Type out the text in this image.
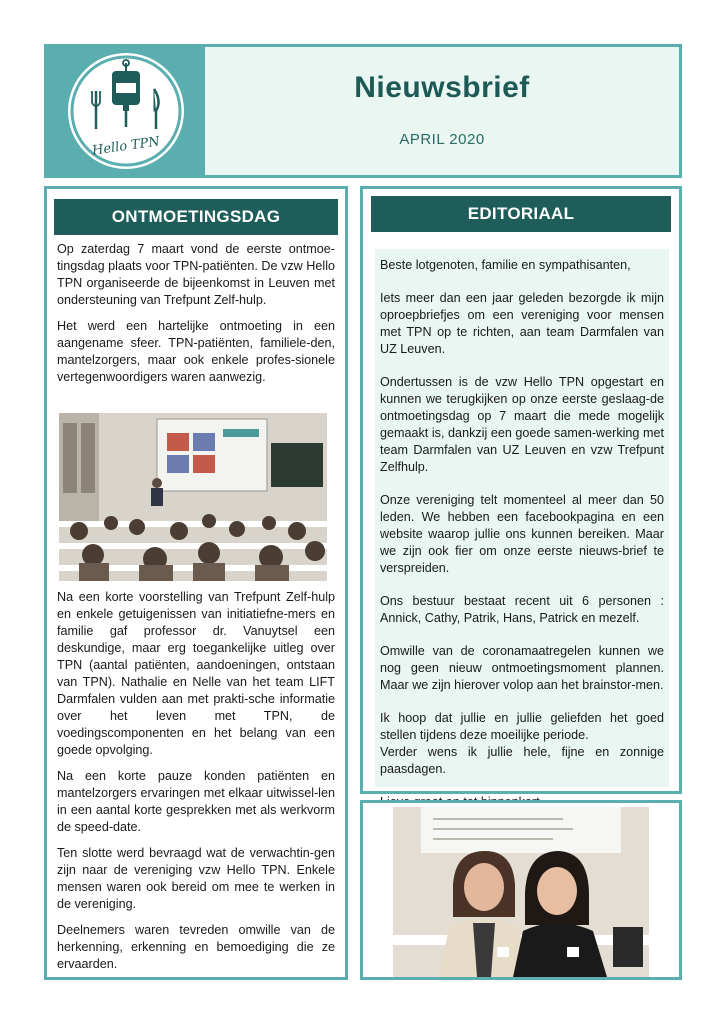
Hello TPN
Nieuwsbrief
APRIL 2020
ONTMOETINGSDAG

Op zaterdag 7 maart vond de eerste ontmoe-tingsdag plaats voor TPN-patiënten. De vzw Hello TPN organiseerde de bijeenkomst in Leuven met ondersteuning van Trefpunt Zelf-hulp.

Het werd een hartelijke ontmoeting in een aangename sfeer. TPN-patiënten, familiele-den, mantelzorgers, maar ook enkele profes-sionele vertegenwoordigers waren aanwezig.

Na een korte voorstelling van Trefpunt Zelf-hulp en enkele getuigenissen van initiatiefne-mers en familie gaf professor dr. Vanuytsel een deskundige, maar erg toegankelijke uitleg over TPN (aantal patiënten, aandoeningen, ontstaan van TPN). Nathalie en Nelle van het team LIFT Darmfalen vulden aan met prakti-sche informatie over het leven met TPN, de voedingscomponenten en het belang van een goede opvolging.

Na een korte pauze konden patiënten en mantelzorgers ervaringen met elkaar uitwissel-len in een aantal korte gesprekken met als werkvorm de speed-date.

Ten slotte werd bevraagd wat de verwachtin-gen zijn naar de vereniging vzw Hello TPN. Enkele mensen waren ook bereid om mee te werken in de vereniging.

Deelnemers waren tevreden omwille van de herkenning, erkenning en bemoediging die ze ervaarden.

EDITORIAAL

Beste lotgenoten, familie en sympathisanten,

Iets meer dan een jaar geleden bezorgde ik mijn oproepbriefjes om een vereniging voor mensen met TPN op te richten, aan team Darmfalen van UZ Leuven.

Ondertussen is de vzw Hello TPN opgestart en kunnen we terugkijken op onze eerste geslaag-de ontmoetingsdag op 7 maart die mede mogelijk gemaakt is, dankzij een goede samen-werking met team Darmfalen van UZ Leuven en vzw Trefpunt Zelfhulp.

Onze vereniging telt momenteel al meer dan 50 leden. We hebben een facebookpagina en een website waarop jullie ons kunnen bereiken. Maar we zijn ook fier om onze eerste nieuws-brief te verspreiden.

Ons bestuur bestaat recent uit 6 personen : Annick, Cathy, Patrik, Hans, Patrick en mezelf.

Omwille van de coronamaatregelen kunnen we nog geen nieuw ontmoetingsmoment plannen. Maar we zijn hierover volop aan het brainstor-men.

Ik hoop dat jullie en jullie geliefden het goed stellen tijdens deze moeilijke periode.

Verder wens ik jullie hele, fijne en zonnige paasdagen.
